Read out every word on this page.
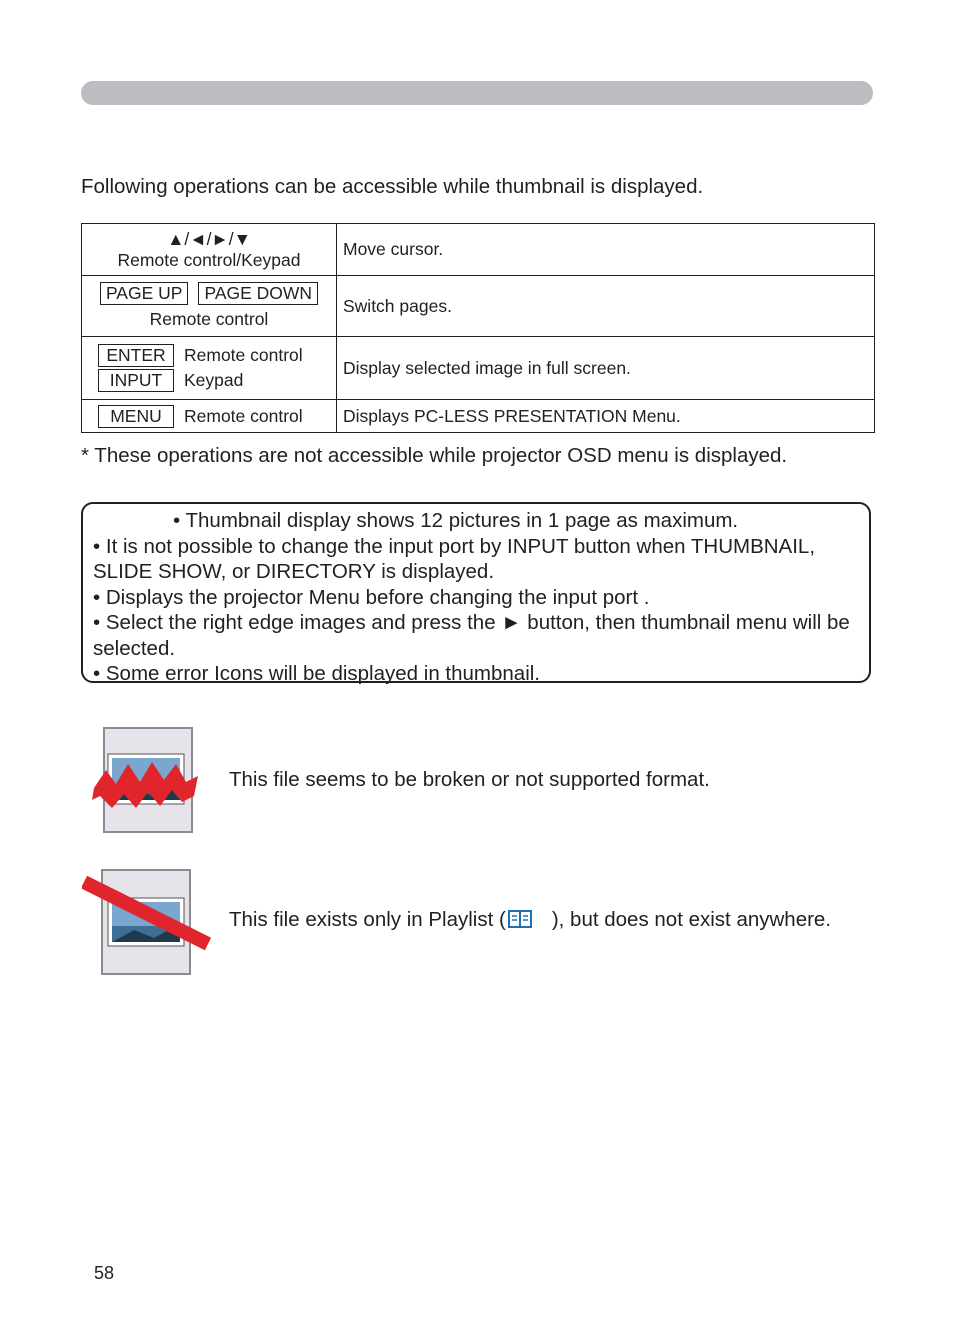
Following operations can be accessible while thumbnail is displayed.
▲/◄/►/▼
Remote control/Keypad	Move cursor.

PAGE UP PAGE DOWN
Remote control	Switch pages.

ENTER Remote control
INPUT Keypad	Display selected image in full screen.

MENU Remote control	Displays PC-LESS PRESENTATION Menu.
* These operations are not accessible while projector OSD menu is displayed.

• Thumbnail display shows 12 pictures in 1 page as maximum.

• It is not possible to change the input port by INPUT button when THUMBNAIL, SLIDE SHOW, or DIRECTORY is displayed.

• Displays the projector Menu before changing the input port .

• Select the right edge images and press the ► button, then thumbnail menu will be selected.

• Some error Icons will be displayed in thumbnail.

This file seems to be broken or not supported format.
This file exists only in Playlist ( ), but does not exist anywhere.
58
